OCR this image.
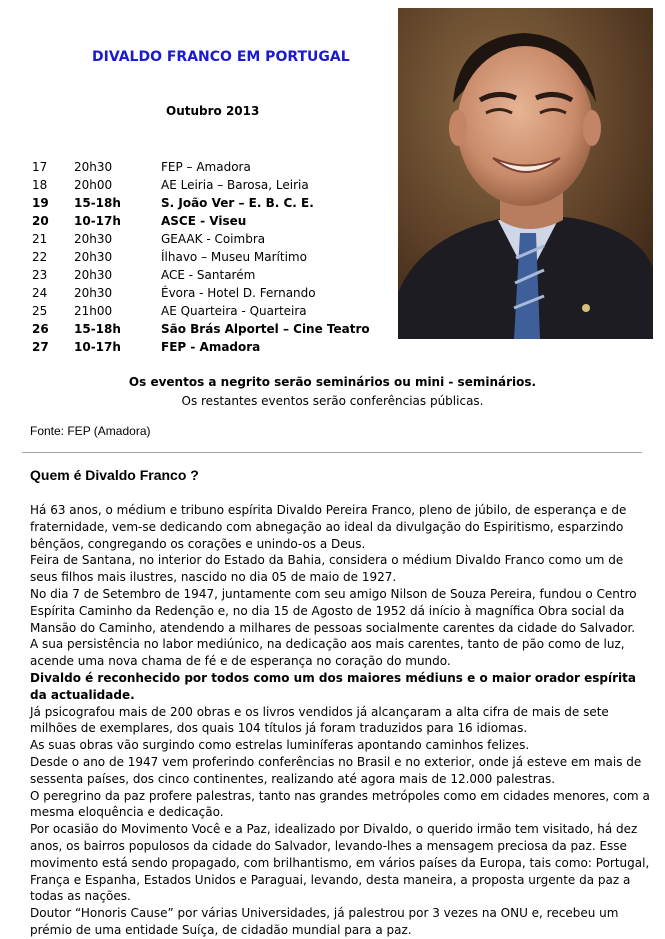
DIVALDO FRANCO EM PORTUGAL
Outubro 2013
17	20h30	FEP – Amadora
18	20h00	AE Leiria – Barosa, Leiria
19	15-18h	S. João Ver – E. B. C. E.
20	10-17h	ASCE - Viseu
21	20h30	GEAAK - Coimbra
22	20h30	Ílhavo – Museu Marítimo
23	20h30	ACE - Santarém
24	20h30	Évora - Hotel D. Fernando
25	21h00	AE Quarteira - Quarteira
26	15-18h	São Brás Alportel – Cine Teatro
27	10-17h	FEP - Amadora
Os eventos a negrito serão seminários ou mini - seminários.
Os restantes eventos serão conferências públicas.
Fonte: FEP (Amadora)
Quem é Divaldo Franco ?

Há 63 anos, o médium e tribuno espírita Divaldo Pereira Franco, pleno de júbilo, de esperança e de fraternidade, vem-se dedicando com abnegação ao ideal da divulgação do Espiritismo, esparzindo bênçãos, congregando os corações e unindo-os a Deus.

Feira de Santana, no interior do Estado da Bahia, considera o médium Divaldo Franco como um de seus filhos mais ilustres, nascido no dia 05 de maio de 1927.

No dia 7 de Setembro de 1947, juntamente com seu amigo Nilson de Souza Pereira, fundou o Centro Espírita Caminho da Redenção e, no dia 15 de Agosto de 1952 dá início à magnífica Obra social da Mansão do Caminho, atendendo a milhares de pessoas socialmente carentes da cidade do Salvador.

A sua persistência no labor mediúnico, na dedicação aos mais carentes, tanto de pão como de luz, acende uma nova chama de fé e de esperança no coração do mundo.

Divaldo é reconhecido por todos como um dos maiores médiuns e o maior orador espírita da actualidade.

Já psicografou mais de 200 obras e os livros vendidos já alcançaram a alta cifra de mais de sete milhões de exemplares, dos quais 104 títulos já foram traduzidos para 16 idiomas.

As suas obras vão surgindo como estrelas luminíferas apontando caminhos felizes.

Desde o ano de 1947 vem proferindo conferências no Brasil e no exterior, onde já esteve em mais de sessenta países, dos cinco continentes, realizando até agora mais de 12.000 palestras.

O peregrino da paz profere palestras, tanto nas grandes metrópoles como em cidades menores, com a mesma eloquência e dedicação.

Por ocasião do Movimento Você e a Paz, idealizado por Divaldo, o querido irmão tem visitado, há dez anos, os bairros populosos da cidade do Salvador, levando-lhes a mensagem preciosa da paz. Esse movimento está sendo propagado, com brilhantismo, em vários países da Europa, tais como: Portugal, França e Espanha, Estados Unidos e Paraguai, levando, desta maneira, a proposta urgente da paz a todas as nações.

Doutor “Honoris Cause” por várias Universidades, já palestrou por 3 vezes na ONU e, recebeu um prémio de uma entidade Suíça, de cidadão mundial para a paz.
